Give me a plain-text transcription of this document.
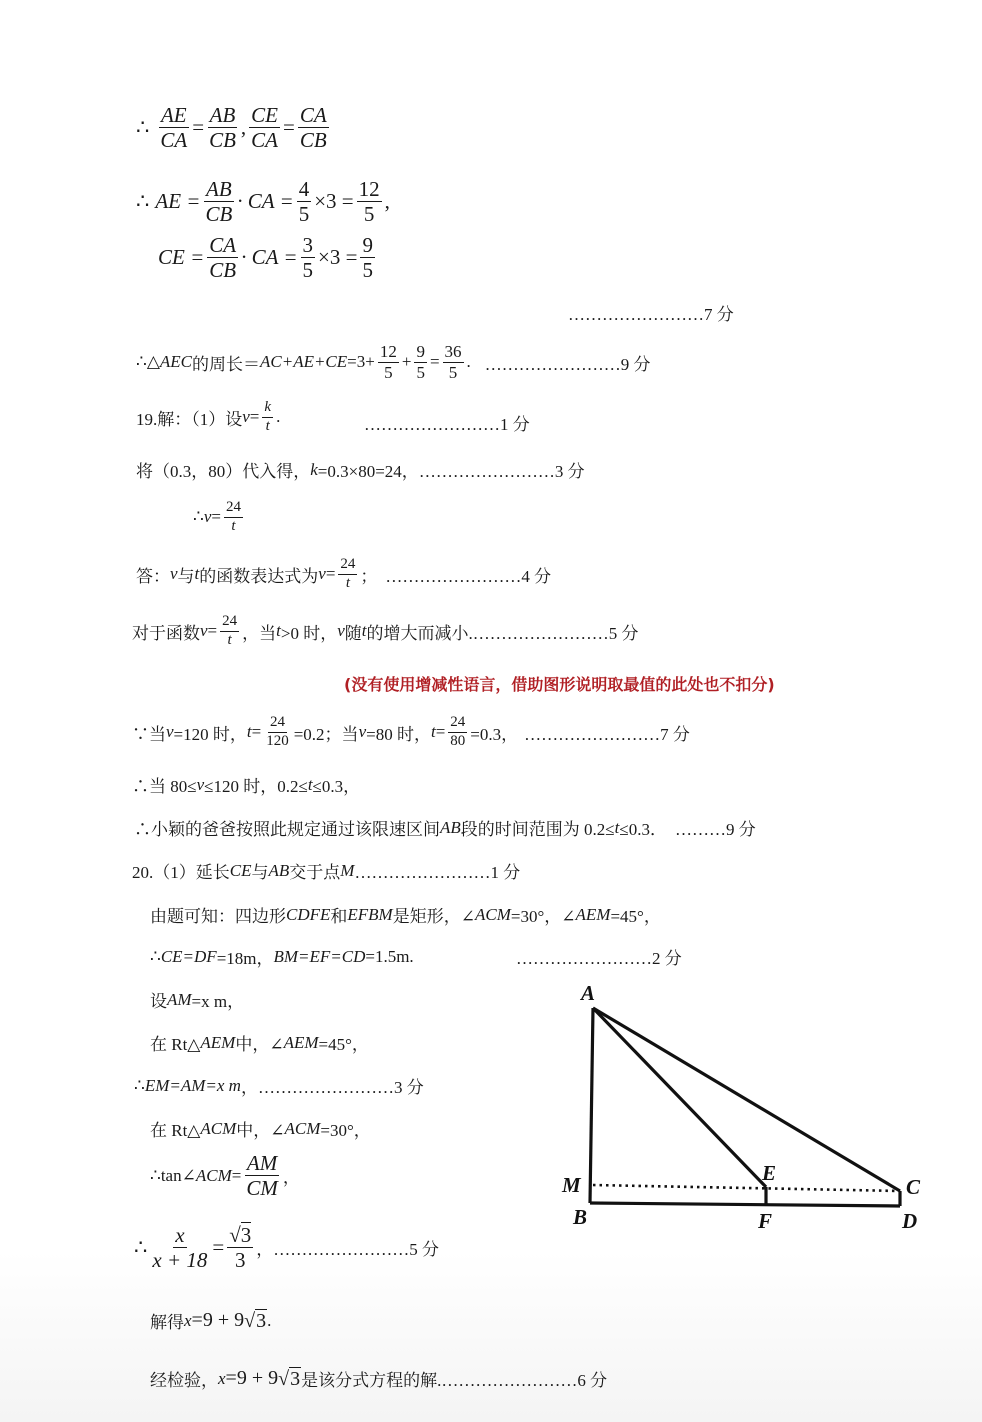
∴ $\frac{AE}{CA} = \frac{AB}{CB}$ , $\frac{CE}{CA} = \frac{CA}{CB}$
∴ AE = $\frac{AB}{CB}$ · CA = $\frac{4}{5} \times 3 = \frac{12}{5}$ ,
CE = $\frac{CA}{CB}$ · CA = $\frac{3}{5} \times 3 = \frac{9}{5}$
……………………7 分
∴△ AEC 的周长＝ $AC+AE+CE =3+ \frac{12}{5} + \frac{9}{5} = \frac{36}{5}$ . ……………………9 分
19.解：（1）设 $v = \frac{k}{t}$ .	……………………1 分
将（0.3，80）代入得， k =0.3×80=24， ……………………3 分
∴ $v = \frac{24}{t}$
答： v 与 t 的函数表达式为 $v = \frac{24}{t}$ ； ……………………4 分
对于函数 $v = \frac{24}{t}$ ，当 t >0 时， v 随 t 的增大而减小. ……………………5 分
(没有使用增减性语言，借助图形说明取最值的此处也不扣分)
∵当 v =120 时， $t = \frac{24}{120} =0.2$；当 v =80 时， $t = \frac{24}{80} =0.3$， ……………………7 分
∴当 80≤ v ≤120 时，0.2≤ t ≤0.3，
∴小颖的爸爸按照此规定通过该限速区间 AB 段的时间范围为 0.2≤ t ≤0.3． ………9 分
20.（1）延长 CE 与 AB 交于点 M ……………………1 分
由题可知：四边形 CDFE 和 EFBM 是矩形，∠ ACM =30°，∠ AEM =45°，
∴ CE=DF =18m， BM=EF=CD =1.5m.	……………………2 分
设 AM =x m，
在 Rt△ AEM 中，∠ AEM =45°，
∴ EM=AM=x m ， ……………………3 分
在 Rt△ ACM 中，∠ ACM =30°，
∴tan∠ ACM = $\frac{AM}{CM}$ ，
∴ $\frac{x}{x + 18} = \frac{√3}{3}$ ， ……………………5 分
解得 x =9 + 9 √ 3 .
经检验， x =9 + 9 √ 3 是该分式方程的解. ……………………6 分
A
M
B
E
F
C
D
